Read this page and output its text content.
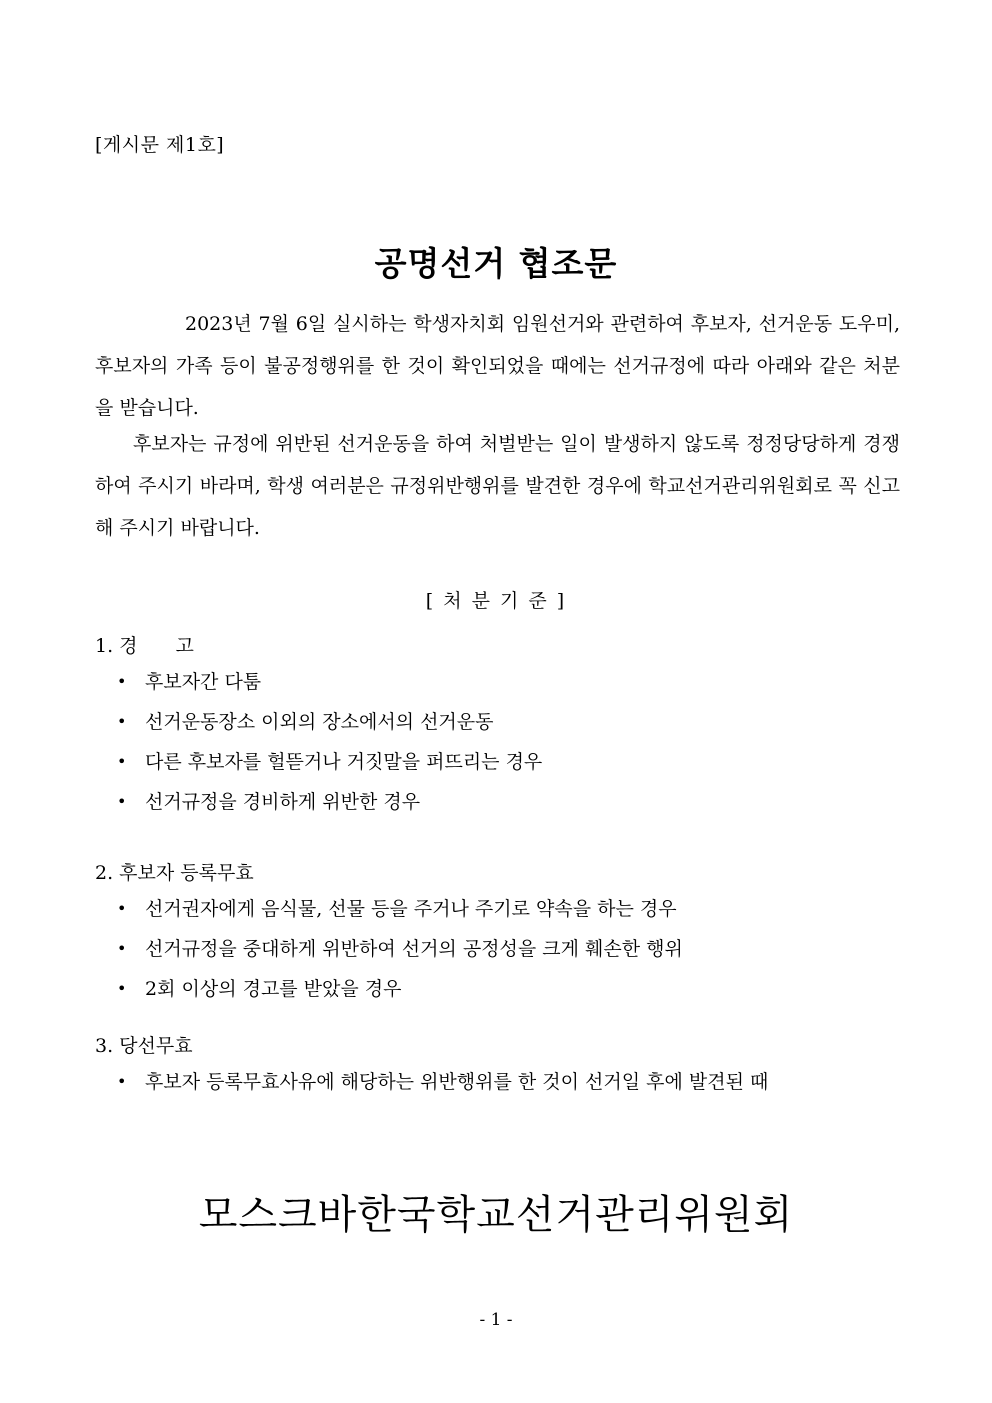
[게시문 제1호]
공명선거 협조문
2023년 7월 6일 실시하는 학생자치회 임원선거와 관련하여 후보자, 선거운동 도우미, 후보자의 가족 등이 불공정행위를 한 것이 확인되었을 때에는 선거규정에 따라 아래와 같은 처분을 받습니다.
후보자는 규정에 위반된 선거운동을 하여 처벌받는 일이 발생하지 않도록 정정당당하게 경쟁하여 주시기 바라며, 학생 여러분은 규정위반행위를 발견한 경우에 학교선거관리위원회로 꼭 신고해 주시기 바랍니다.
[ 처 분 기 준 ]
1. 경　　고
• 후보자간 다툼
• 선거운동장소 이외의 장소에서의 선거운동
• 다른 후보자를 헐뜯거나 거짓말을 퍼뜨리는 경우
• 선거규정을 경비하게 위반한 경우
2. 후보자 등록무효
• 선거권자에게 음식물, 선물 등을 주거나 주기로 약속을 하는 경우
• 선거규정을 중대하게 위반하여 선거의 공정성을 크게 훼손한 행위
• 2회 이상의 경고를 받았을 경우
3. 당선무효
• 후보자 등록무효사유에 해당하는 위반행위를 한 것이 선거일 후에 발견된 때
모스크바한국학교선거관리위원회
- 1 -
